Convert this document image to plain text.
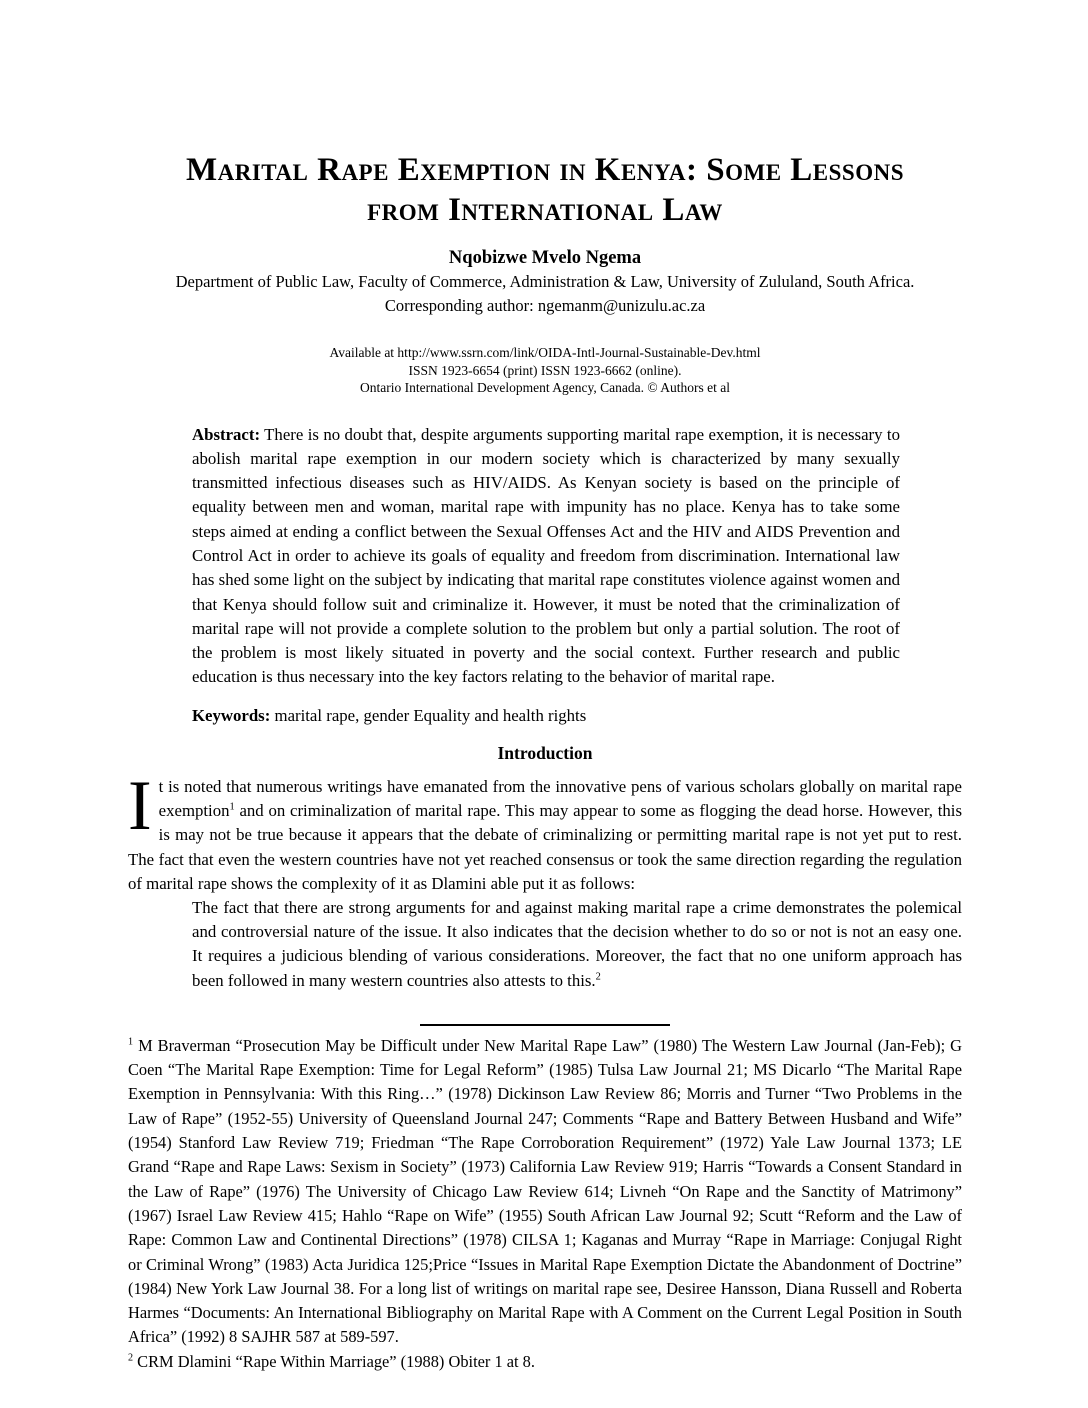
Marital Rape Exemption in Kenya: Some Lessons
from International Law

Nqobizwe Mvelo Ngema

Department of Public Law, Faculty of Commerce, Administration & Law, University of Zululand, South Africa.

Corresponding author: ngemanm@unizulu.ac.za

Available at http://www.ssrn.com/link/OIDA-Intl-Journal-Sustainable-Dev.html
ISSN 1923-6654 (print) ISSN 1923-6662 (online).
Ontario International Development Agency, Canada. © Authors et al

Abstract: There is no doubt that, despite arguments supporting marital rape exemption, it is necessary to abolish marital rape exemption in our modern society which is characterized by many sexually transmitted infectious diseases such as HIV/AIDS. As Kenyan society is based on the principle of equality between men and woman, marital rape with impunity has no place. Kenya has to take some steps aimed at ending a conflict between the Sexual Offenses Act and the HIV and AIDS Prevention and Control Act in order to achieve its goals of equality and freedom from discrimination. International law has shed some light on the subject by indicating that marital rape constitutes violence against women and that Kenya should follow suit and criminalize it. However, it must be noted that the criminalization of marital rape will not provide a complete solution to the problem but only a partial solution. The root of the problem is most likely situated in poverty and the social context. Further research and public education is thus necessary into the key factors relating to the behavior of marital rape.

Keywords: marital rape, gender Equality and health rights

Introduction

It is noted that numerous writings have emanated from the innovative pens of various scholars globally on marital rape exemption$^1$ and on criminalization of marital rape. This may appear to some as flogging the dead horse. However, this is may not be true because it appears that the debate of criminalizing or permitting marital rape is not yet put to rest. The fact that even the western countries have not yet reached consensus or took the same direction regarding the regulation of marital rape shows the complexity of it as Dlamini able put it as follows:

The fact that there are strong arguments for and against making marital rape a crime demonstrates the polemical and controversial nature of the issue. It also indicates that the decision whether to do so or not is not an easy one. It requires a judicious blending of various considerations. Moreover, the fact that no one uniform approach has been followed in many western countries also attests to this.$^2$

$^1$ M Braverman “Prosecution May be Difficult under New Marital Rape Law” (1980) The Western Law Journal (Jan-Feb); G Coen “The Marital Rape Exemption: Time for Legal Reform” (1985) Tulsa Law Journal 21; MS Dicarlo “The Marital Rape Exemption in Pennsylvania: With this Ring…” (1978) Dickinson Law Review 86; Morris and Turner “Two Problems in the Law of Rape” (1952-55) University of Queensland Journal 247; Comments “Rape and Battery Between Husband and Wife” (1954) Stanford Law Review 719; Friedman “The Rape Corroboration Requirement” (1972) Yale Law Journal 1373; LE Grand “Rape and Rape Laws: Sexism in Society” (1973) California Law Review 919; Harris “Towards a Consent Standard in the Law of Rape” (1976) The University of Chicago Law Review 614; Livneh “On Rape and the Sanctity of Matrimony” (1967) Israel Law Review 415; Hahlo “Rape on Wife” (1955) South African Law Journal 92; Scutt “Reform and the Law of Rape: Common Law and Continental Directions” (1978) CILSA 1; Kaganas and Murray “Rape in Marriage: Conjugal Right or Criminal Wrong” (1983) Acta Juridica 125;Price “Issues in Marital Rape Exemption Dictate the Abandonment of Doctrine” (1984) New York Law Journal 38. For a long list of writings on marital rape see, Desiree Hansson, Diana Russell and Roberta Harmes “Documents: An International Bibliography on Marital Rape with A Comment on the Current Legal Position in South Africa” (1992) 8 SAJHR 587 at 589-597.

$^2$ CRM Dlamini “Rape Within Marriage” (1988) Obiter 1 at 8.
